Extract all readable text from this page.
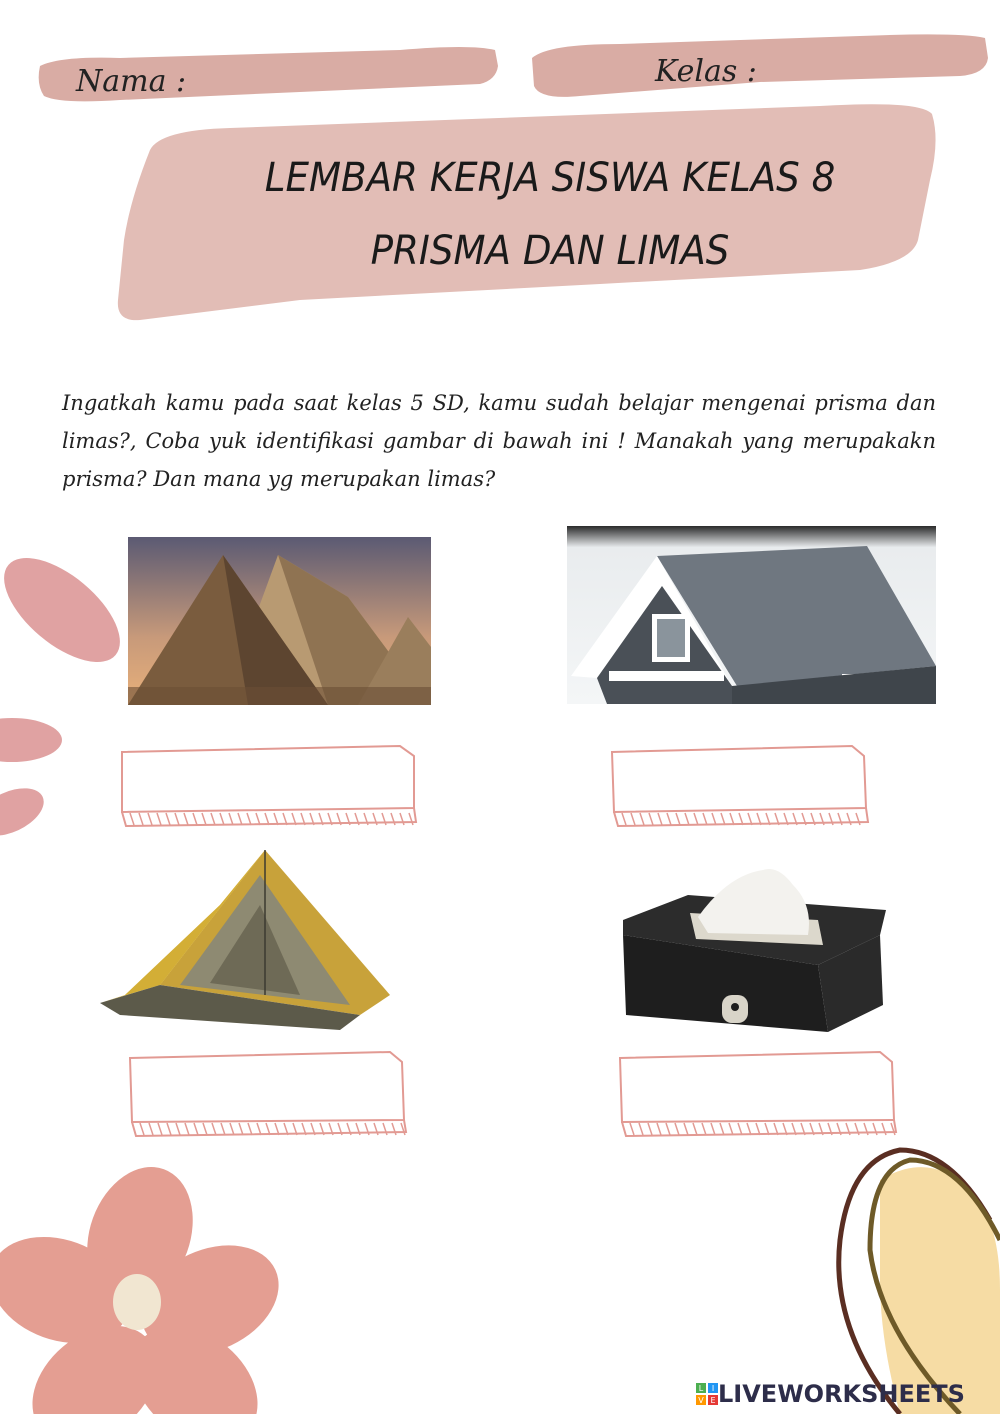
Nama :	Kelas :
LEMBAR KERJA SISWA KELAS 8
PRISMA DAN LIMAS
Ingatkah kamu pada saat kelas 5 SD, kamu sudah belajar mengenai prisma dan limas?, Coba yuk identifikasi gambar di bawah ini ! Manakah yang merupakakn prisma? Dan mana yg merupakan limas?
L I
V E LIVEWORKSHEETS
